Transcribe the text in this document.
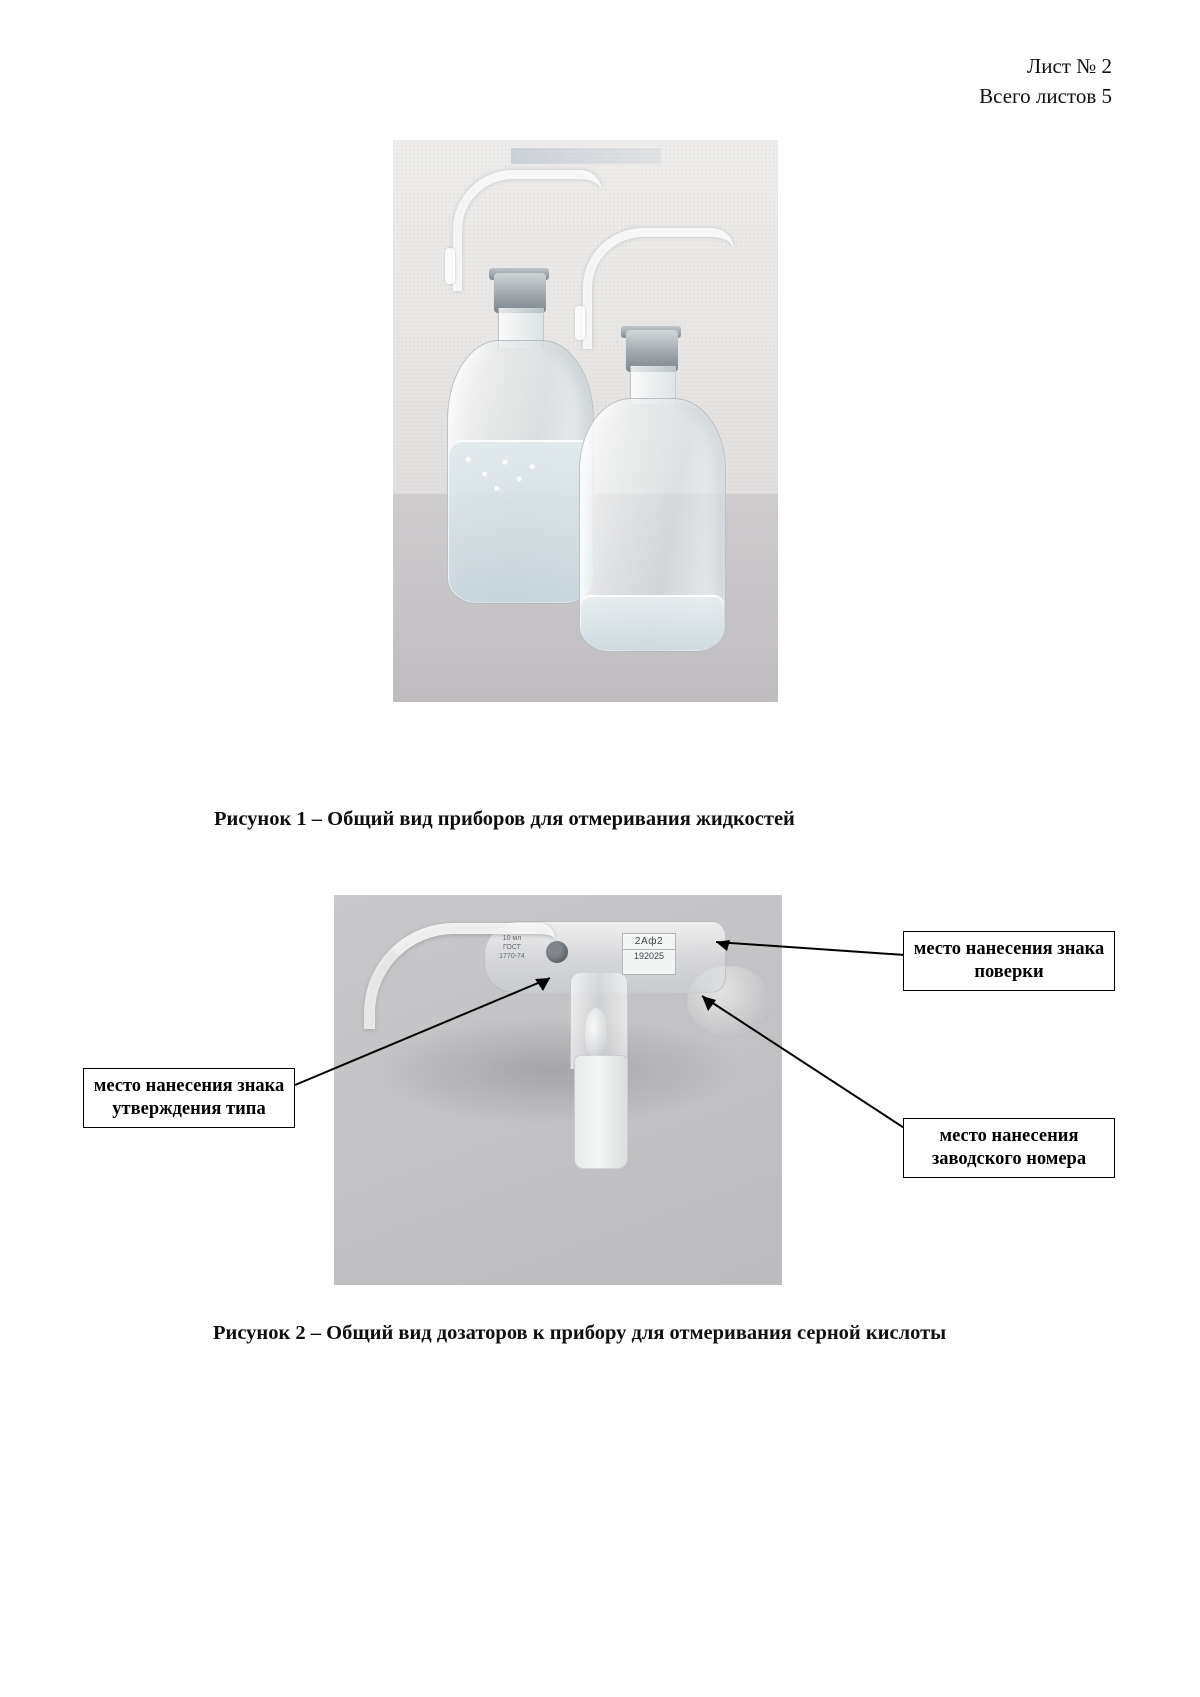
Лист № 2
Всего листов 5
Рисунок 1 – Общий вид приборов для отмеривания жидкостей
10 мл
ГОСТ
1770-74
2Аф2
192025	место нанесения знака поверки
место нанесения знака утверждения типа
место нанесения заводского номера
Рисунок 2 – Общий вид дозаторов к прибору для отмеривания серной кислоты
